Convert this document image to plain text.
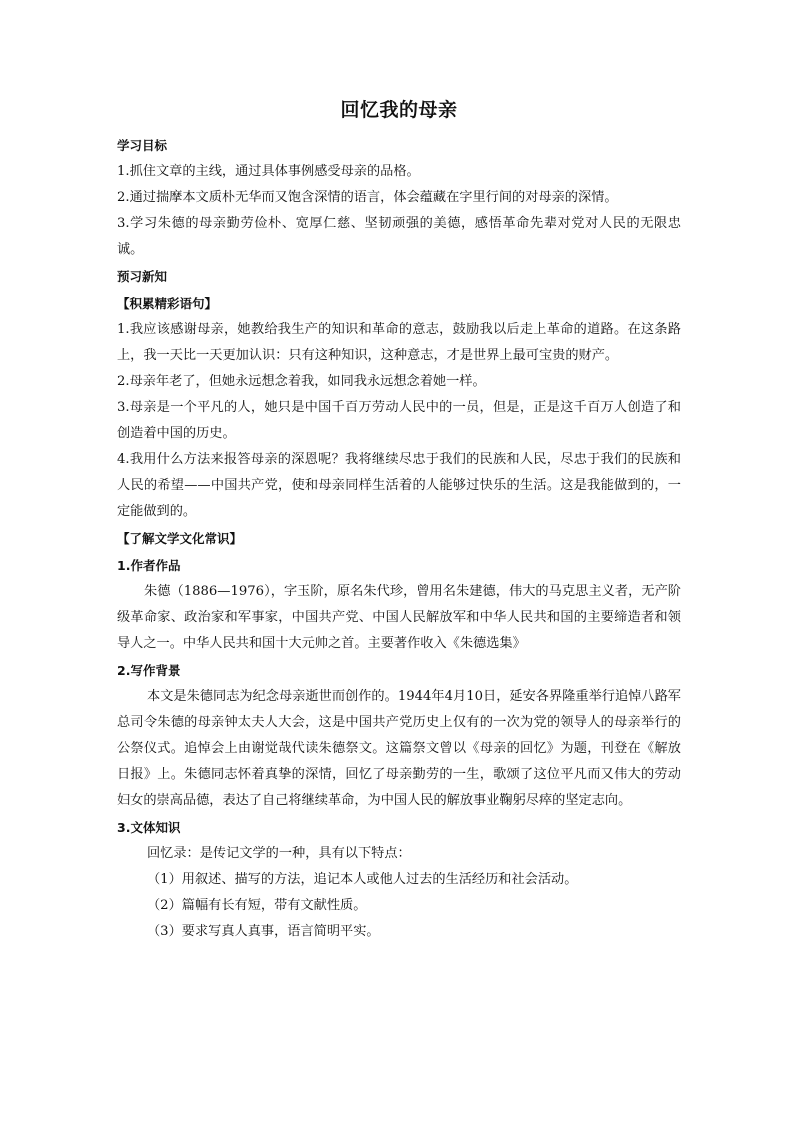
回忆我的母亲

学习目标

1.抓住文章的主线，通过具体事例感受母亲的品格。

2.通过揣摩本文质朴无华而又饱含深情的语言，体会蕴藏在字里行间的对母亲的深情。

3.学习朱德的母亲勤劳俭朴、宽厚仁慈、坚韧顽强的美德，感悟革命先辈对党对人民的无限忠诚。

预习新知

【积累精彩语句】

1.我应该感谢母亲，她教给我生产的知识和革命的意志，鼓励我以后走上革命的道路。在这条路上，我一天比一天更加认识：只有这种知识，这种意志，才是世界上最可宝贵的财产。

2.母亲年老了，但她永远想念着我，如同我永远想念着她一样。

3.母亲是一个平凡的人，她只是中国千百万劳动人民中的一员，但是，正是这千百万人创造了和创造着中国的历史。

4.我用什么方法来报答母亲的深恩呢？我将继续尽忠于我们的民族和人民，尽忠于我们的民族和人民的希望——中国共产党，使和母亲同样生活着的人能够过快乐的生活。这是我能做到的，一定能做到的。

【了解文学文化常识】

1.作者作品

朱德（1886—1976），字玉阶，原名朱代珍，曾用名朱建德，伟大的马克思主义者，无产阶级革命家、政治家和军事家，中国共产党、中国人民解放军和中华人民共和国的主要缔造者和领导人之一。中华人民共和国十大元帅之首。主要著作收入《朱德选集》

2.写作背景

本文是朱德同志为纪念母亲逝世而创作的。1944年4月10日，延安各界隆重举行追悼八路军总司令朱德的母亲钟太夫人大会，这是中国共产党历史上仅有的一次为党的领导人的母亲举行的公祭仪式。追悼会上由谢觉哉代读朱德祭文。这篇祭文曾以《母亲的回忆》为题，刊登在《解放日报》上。朱德同志怀着真挚的深情，回忆了母亲勤劳的一生，歌颂了这位平凡而又伟大的劳动妇女的崇高品德，表达了自己将继续革命，为中国人民的解放事业鞠躬尽瘁的坚定志向。

3.文体知识

回忆录：是传记文学的一种，具有以下特点：

（1）用叙述、描写的方法，追记本人或他人过去的生活经历和社会活动。

（2）篇幅有长有短，带有文献性质。

（3）要求写真人真事，语言简明平实。
